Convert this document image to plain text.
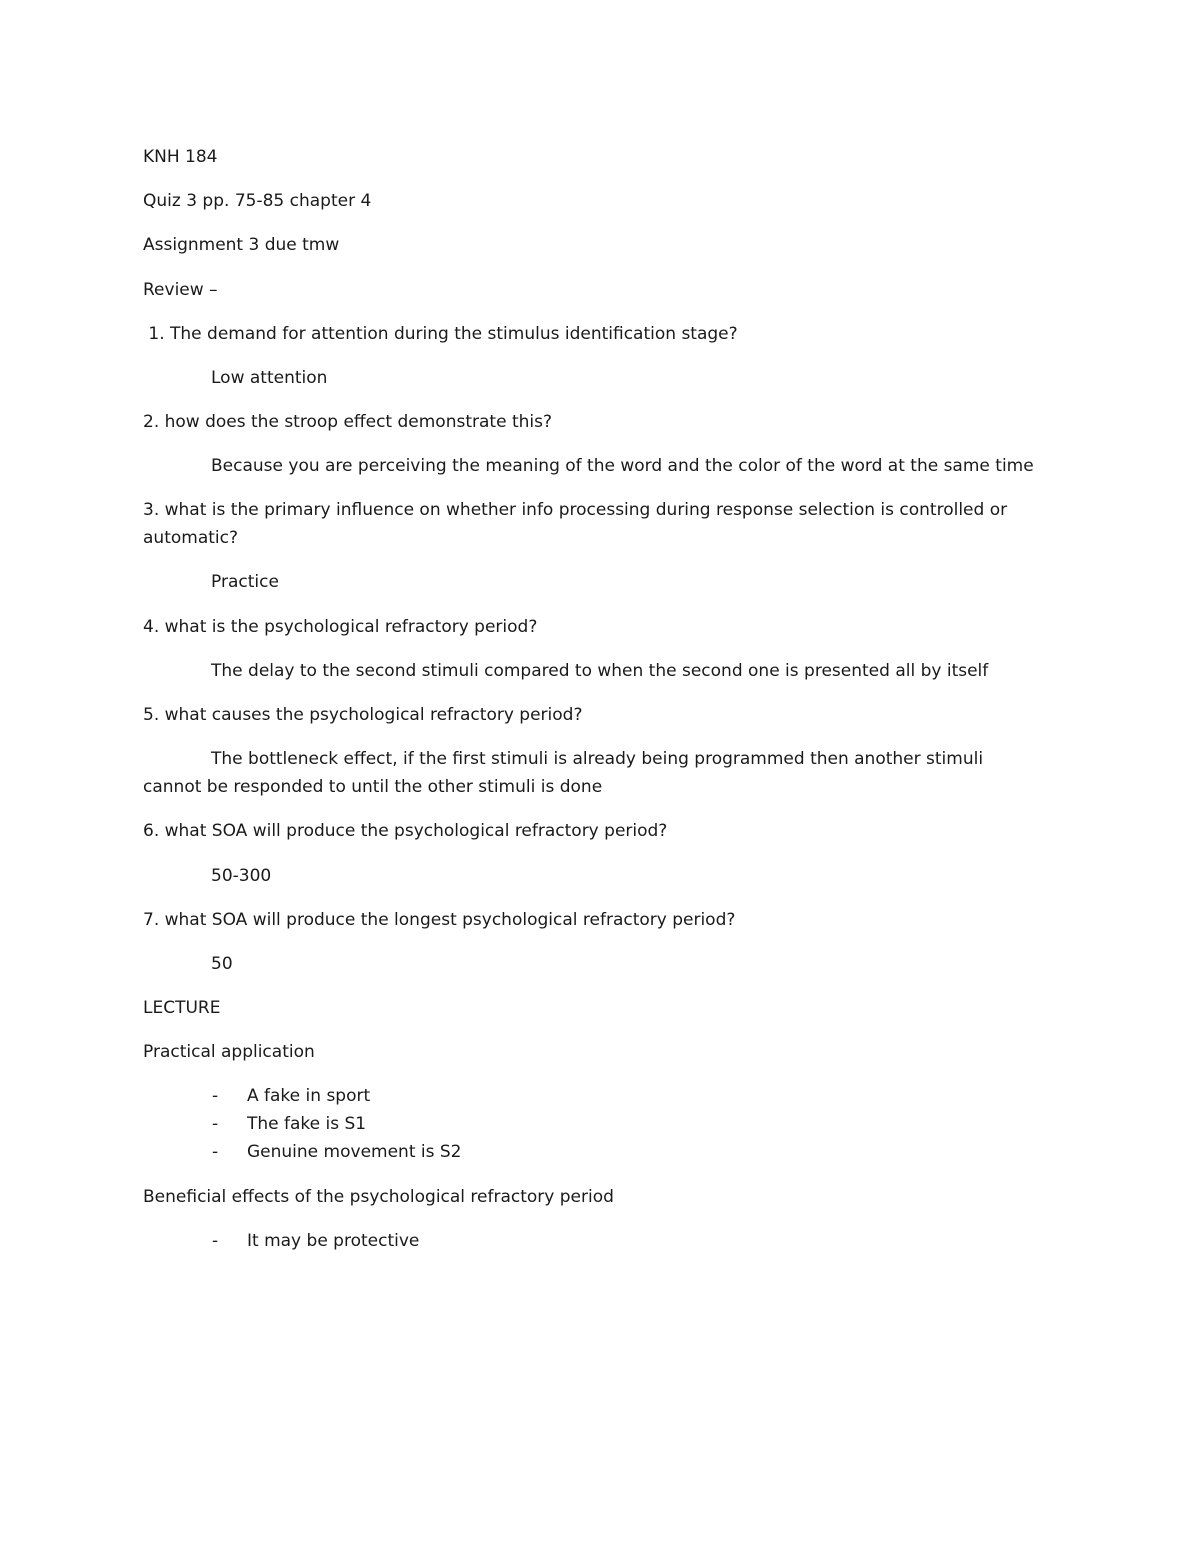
KNH 184
Quiz 3 pp. 75-85 chapter 4
Assignment 3 due tmw
Review –
1. The demand for attention during the stimulus identification stage?
Low attention
2. how does the stroop effect demonstrate this?
Because you are perceiving the meaning of the word and the color of the word at the same time
3. what is the primary influence on whether info processing during response selection is controlled or
automatic?
Practice
4. what is the psychological refractory period?
The delay to the second stimuli compared to when the second one is presented all by itself
5. what causes the psychological refractory period?
The bottleneck effect, if the first stimuli is already being programmed then another stimuli
cannot be responded to until the other stimuli is done
6. what SOA will produce the psychological refractory period?
50-300
7. what SOA will produce the longest psychological refractory period?
50
LECTURE
Practical application
- A fake in sport
- The fake is S1
- Genuine movement is S2
Beneficial effects of the psychological refractory period
- It may be protective
